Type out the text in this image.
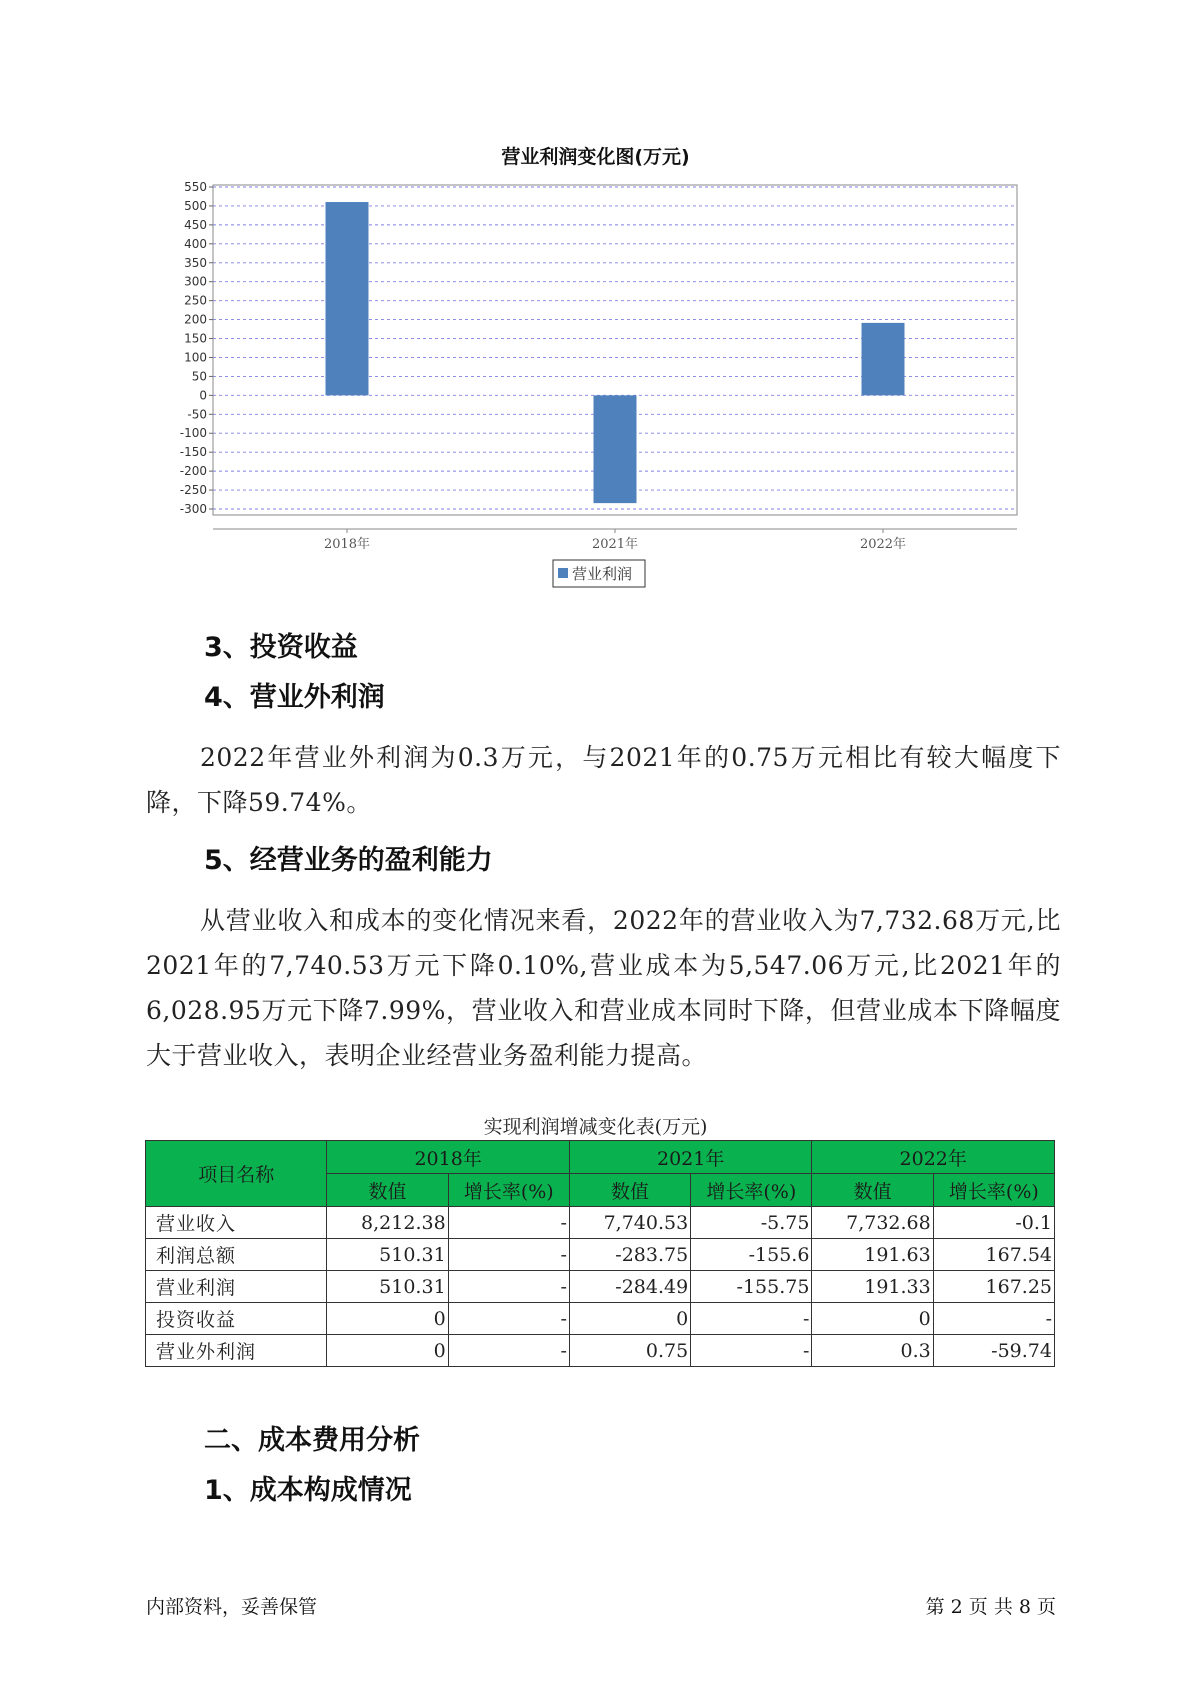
营业利润变化图(万元)
550
500
450
400
350
300
250
200
150
100
50
0
-50
-100
-150
-200
-250
-300
2018年	2021年	2022年
营业利润
3、投资收益
4、营业外利润
2022年营业外利润为0.3万元，与2021年的0.75万元相比有较大幅度下降，下降59.74%。
5、经营业务的盈利能力
从营业收入和成本的变化情况来看，2022年的营业收入为7,732.68万元,比2021年的7,740.53万元下降0.10%,营业成本为5,547.06万元,比2021年的6,028.95万元下降7.99%，营业收入和营业成本同时下降，但营业成本下降幅度大于营业收入，表明企业经营业务盈利能力提高。
实现利润增减变化表(万元)
项目名称	2018年		2021年		2022年	
	数值	增长率(%)	数值	增长率(%)	数值	增长率(%)
营业收入	8,212.38	-	7,740.53	-5.75	7,732.68	-0.1
利润总额	510.31	-	-283.75	-155.6	191.63	167.54
营业利润	510.31	-	-284.49	-155.75	191.33	167.25
投资收益	0	-	0	-	0	-
营业外利润	0	-	0.75	-	0.3	-59.74
二、成本费用分析
1、成本构成情况
内部资料，妥善保管	第 2 页 共 8 页
